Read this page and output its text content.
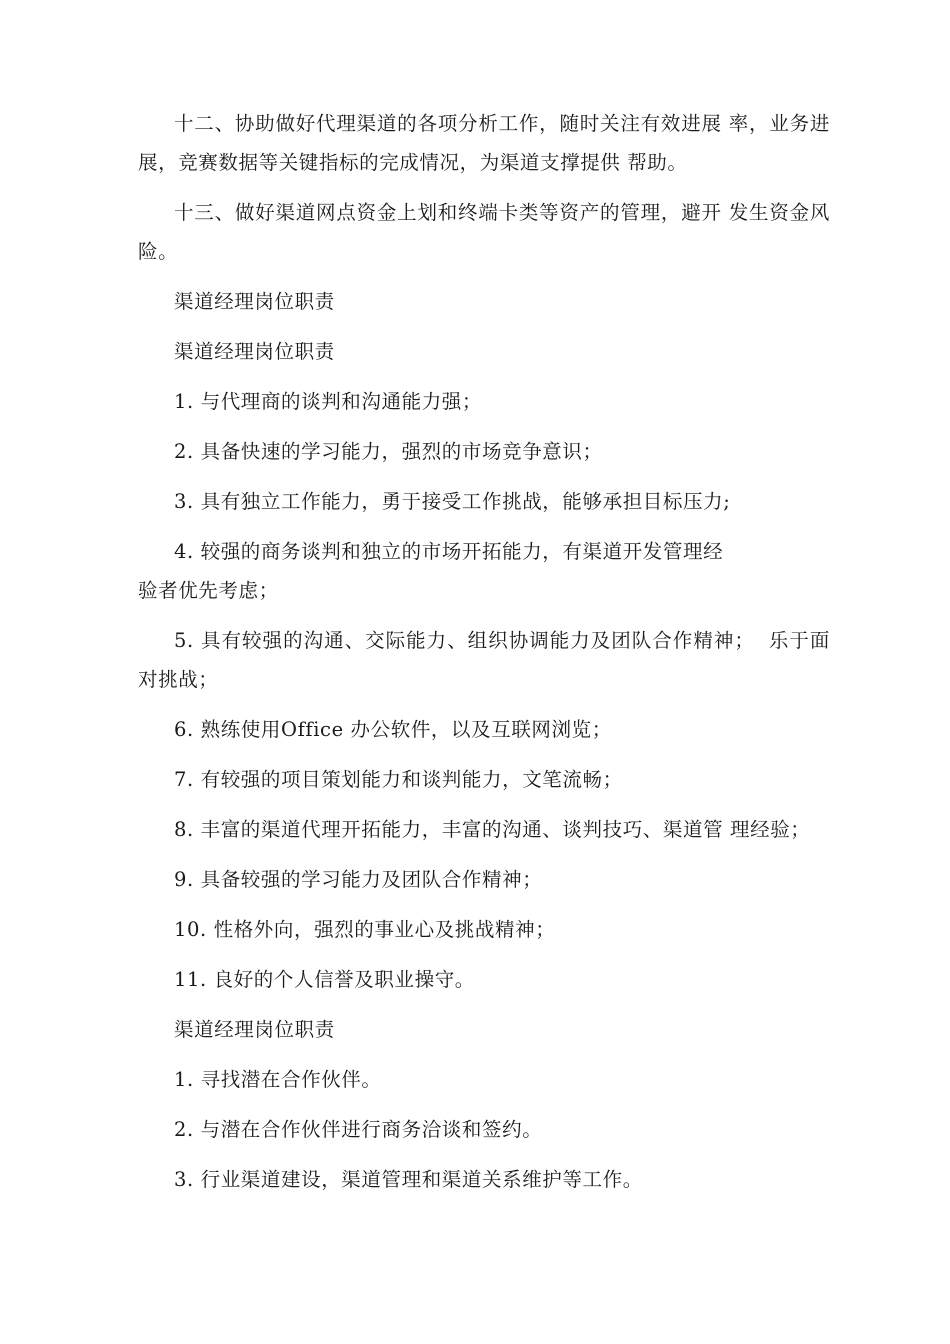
十二、协助做好代理渠道的各项分析工作，随时关注有效进展 率，业务进展，竞赛数据等关键指标的完成情况，为渠道支撑提供 帮助。

十三、做好渠道网点资金上划和终端卡类等资产的管理，避开 发生资金风险。

渠道经理岗位职责

渠道经理岗位职责

1. 与代理商的谈判和沟通能力强；

2. 具备快速的学习能力，强烈的市场竞争意识；

3. 具有独立工作能力，勇于接受工作挑战，能够承担目标压力;

4. 较强的商务谈判和独立的市场开拓能力，有渠道开发管理经
验者优先考虑；

5. 具有较强的沟通、交际能力、组织协调能力及团队合作精神；  乐于面对挑战；

6. 熟练使用Office 办公软件，以及互联网浏览；

7. 有较强的项目策划能力和谈判能力，文笔流畅；

8. 丰富的渠道代理开拓能力，丰富的沟通、谈判技巧、渠道管 理经验；

9. 具备较强的学习能力及团队合作精神；

10. 性格外向，强烈的事业心及挑战精神；

11. 良好的个人信誉及职业操守。

渠道经理岗位职责

1. 寻找潜在合作伙伴。

2. 与潜在合作伙伴进行商务洽谈和签约。

3. 行业渠道建设，渠道管理和渠道关系维护等工作。
